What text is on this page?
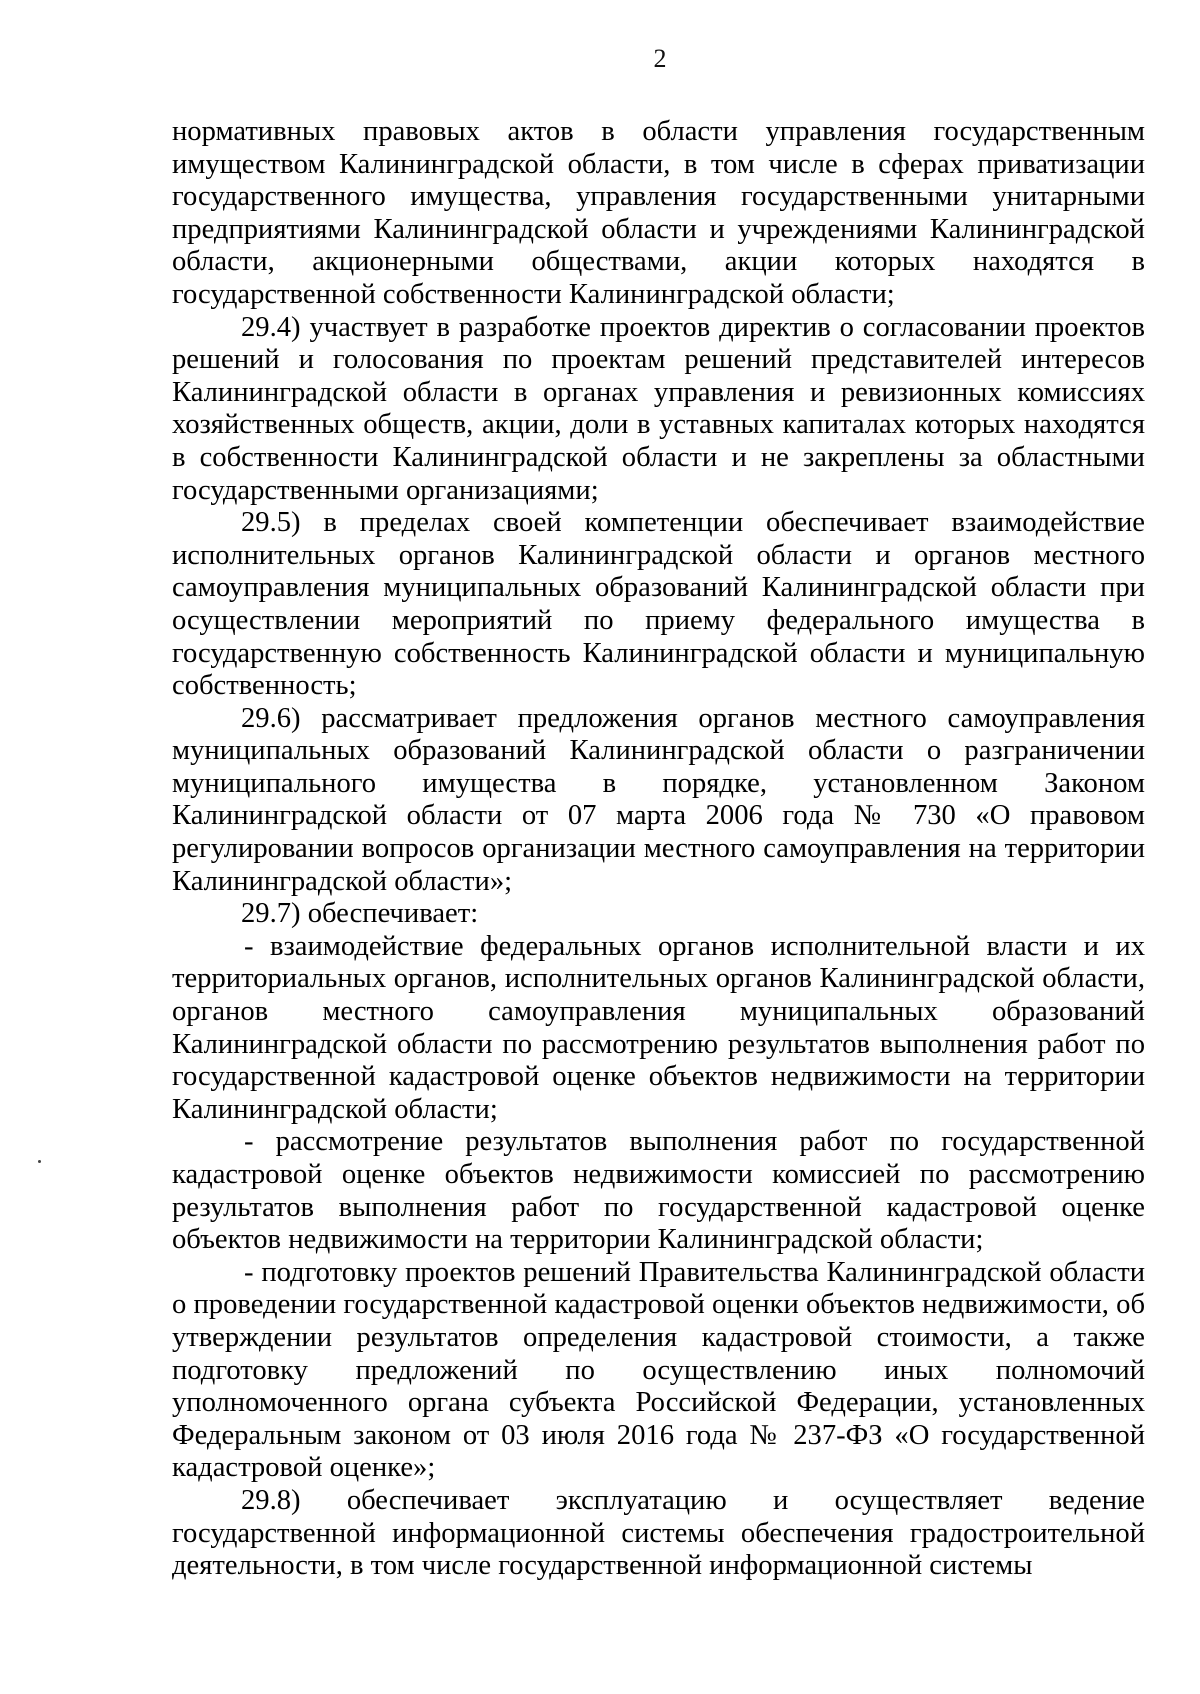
2

нормативных правовых актов в области управления государственным имуществом Калининградской области, в том числе в сферах приватизации государственного имущества, управления государственными унитарными предприятиями Калининградской области и учреждениями Калининградской области, акционерными обществами, акции которых находятся в государственной собственности Калининградской области;

29.4) участвует в разработке проектов директив о согласовании проектов решений и голосования по проектам решений представителей интересов Калининградской области в органах управления и ревизионных комиссиях хозяйственных обществ, акции, доли в уставных капиталах которых находятся в собственности Калининградской области и не закреплены за областными государственными организациями;

29.5) в пределах своей компетенции обеспечивает взаимодействие исполнительных органов Калининградской области и органов местного самоуправления муниципальных образований Калининградской области при осуществлении мероприятий по приему федерального имущества в государственную собственность Калининградской области и муниципальную собственность;

29.6) рассматривает предложения органов местного самоуправления муниципальных образований Калининградской области о разграничении муниципального имущества в порядке, установленном Законом Калининградской области от 07 марта 2006 года № 730 «О правовом регулировании вопросов организации местного самоуправления на территории Калининградской области»;

29.7) обеспечивает:

- взаимодействие федеральных органов исполнительной власти и их территориальных органов, исполнительных органов Калининградской области, органов местного самоуправления муниципальных образований Калининградской области по рассмотрению результатов выполнения работ по государственной кадастровой оценке объектов недвижимости на территории Калининградской области;

- рассмотрение результатов выполнения работ по государственной кадастровой оценке объектов недвижимости комиссией по рассмотрению результатов выполнения работ по государственной кадастровой оценке объектов недвижимости на территории Калининградской области;

- подготовку проектов решений Правительства Калининградской области о проведении государственной кадастровой оценки объектов недвижимости, об утверждении результатов определения кадастровой стоимости, а также подготовку предложений по осуществлению иных полномочий уполномоченного органа субъекта Российской Федерации, установленных Федеральным законом от 03 июля 2016 года № 237-ФЗ «О государственной кадастровой оценке»;

29.8) обеспечивает эксплуатацию и осуществляет ведение государственной информационной системы обеспечения градостроительной деятельности, в том числе государственной информационной системы
